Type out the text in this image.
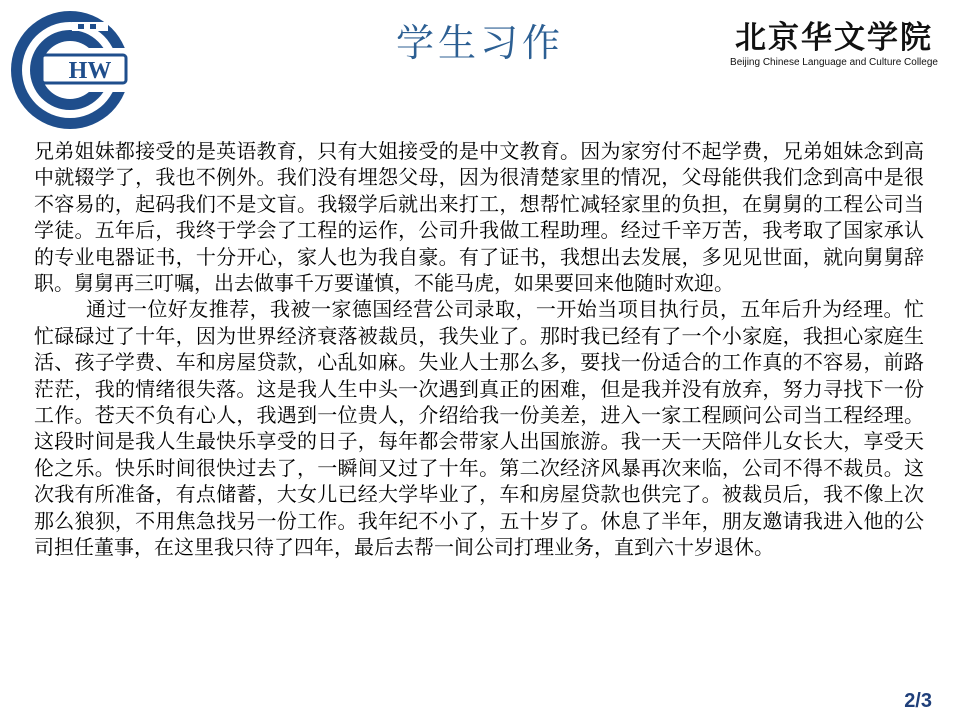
HW
学生习作	北京华文学院
Beijing Chinese Language and Culture College

兄弟姐妹都接受的是英语教育，只有大姐接受的是中文教育。因为家穷付不起学费，兄弟姐妹念到高中就辍学了，我也不例外。我们没有埋怨父母，因为很清楚家里的情况，父母能供我们念到高中是很不容易的，起码我们不是文盲。我辍学后就出来打工，想帮忙减轻家里的负担，在舅舅的工程公司当学徒。五年后，我终于学会了工程的运作，公司升我做工程助理。经过千辛万苦，我考取了国家承认的专业电器证书，十分开心，家人也为我自豪。有了证书，我想出去发展，多见见世面，就向舅舅辞职。舅舅再三叮嘱，出去做事千万要谨慎，不能马虎，如果要回来他随时欢迎。

通过一位好友推荐，我被一家德国经营公司录取，一开始当项目执行员，五年后升为经理。忙忙碌碌过了十年，因为世界经济衰落被裁员，我失业了。那时我已经有了一个小家庭，我担心家庭生活、孩子学费、车和房屋贷款，心乱如麻。失业人士那么多，要找一份适合的工作真的不容易，前路茫茫，我的情绪很失落。这是我人生中头一次遇到真正的困难，但是我并没有放弃，努力寻找下一份工作。苍天不负有心人，我遇到一位贵人，介绍给我一份美差，进入一家工程顾问公司当工程经理。这段时间是我人生最快乐享受的日子，每年都会带家人出国旅游。我一天一天陪伴儿女长大，享受天伦之乐。快乐时间很快过去了，一瞬间又过了十年。第二次经济风暴再次来临，公司不得不裁员。这次我有所准备，有点储蓄，大女儿已经大学毕业了，车和房屋贷款也供完了。被裁员后，我不像上次那么狼狈，不用焦急找另一份工作。我年纪不小了，五十岁了。休息了半年，朋友邀请我进入他的公司担任董事，在这里我只待了四年，最后去帮一间公司打理业务，直到六十岁退休。

2/3
